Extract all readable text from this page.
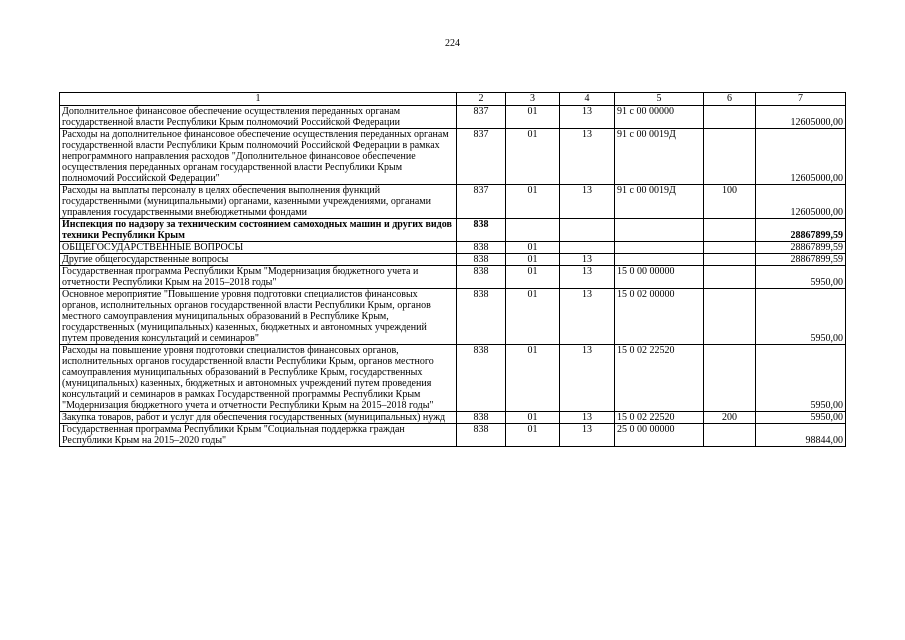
224
1	2	3	4	5	6	7
Дополнительное финансовое обеспечение осуществления переданных органам государственной власти Республики Крым полномочий Российской Федерации	837	01	13	91 с 00 00000		12605000,00
Расходы на дополнительное финансовое обеспечение осуществления переданных органам государственной власти Республики Крым полномочий Российской Федерации в рамках непрограммного направления расходов "Дополнительное финансовое обеспечение осуществления переданных органам государственной власти Республики Крым полномочий Российской Федерации"	837	01	13	91 с 00 0019Д		12605000,00
Расходы на выплаты персоналу в целях обеспечения выполнения функций государственными (муниципальными) органами, казенными учреждениями, органами управления государственными внебюджетными фондами	837	01	13	91 с 00 0019Д	100	12605000,00
Инспекция по надзору за техническим состоянием самоходных машин и других видов техники Республики Крым	838					28867899,59
ОБЩЕГОСУДАРСТВЕННЫЕ ВОПРОСЫ	838	01				28867899,59
Другие общегосударственные вопросы	838	01	13			28867899,59
Государственная программа Республики Крым "Модернизация бюджетного учета и отчетности Республики Крым на 2015–2018 годы"	838	01	13	15 0 00 00000		5950,00
Основное мероприятие "Повышение уровня подготовки специалистов финансовых органов, исполнительных органов государственной власти Республики Крым, органов местного самоуправления муниципальных образований в Республике Крым, государственных (муниципальных) казенных, бюджетных и автономных учреждений путем проведения консультаций и семинаров"	838	01	13	15 0 02 00000		5950,00
Расходы на повышение уровня подготовки специалистов финансовых органов, исполнительных органов государственной власти Республики Крым, органов местного самоуправления муниципальных образований в Республике Крым, государственных (муниципальных) казенных, бюджетных и автономных учреждений путем проведения консультаций и семинаров в рамках Государственной программы Республики Крым "Модернизация бюджетного учета и отчетности Республики Крым на 2015–2018 годы"	838	01	13	15 0 02 22520		5950,00
Закупка товаров, работ и услуг для обеспечения государственных (муниципальных) нужд	838	01	13	15 0 02 22520	200	5950,00
Государственная программа Республики Крым "Социальная поддержка граждан Республики Крым на 2015–2020 годы"	838	01	13	25 0 00 00000		98844,00
